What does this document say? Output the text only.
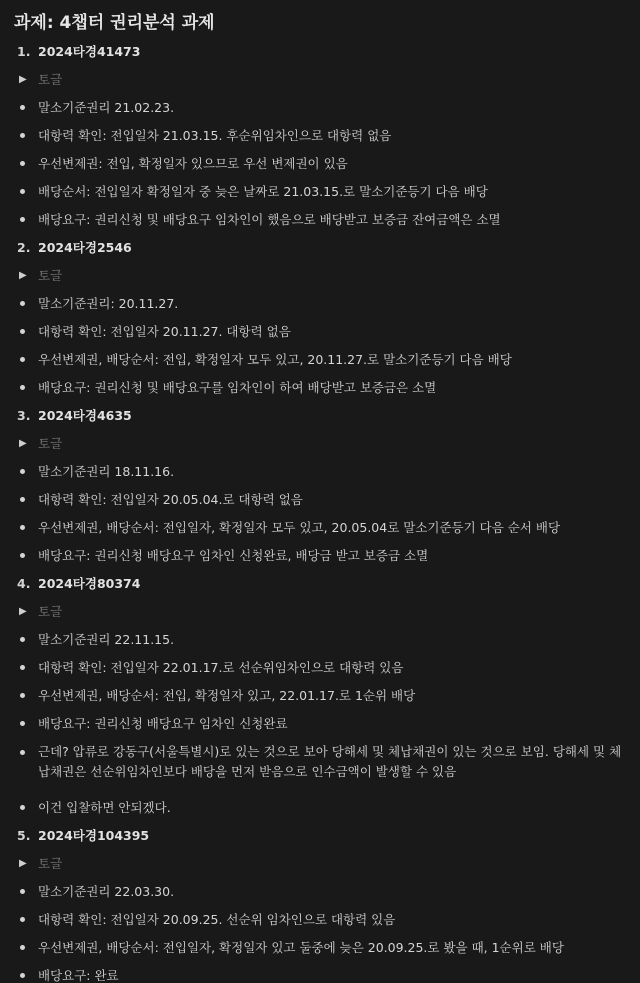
과제: 4챕터 권리분석 과제
1. 2024타경41473
▶ 토글
말소기준권리 21.02.23.
대항력 확인: 전입일차 21.03.15. 후순위임차인으로 대항력 없음
우선변제권: 전입, 확정일자 있으므로 우선 변제권이 있음
배당순서: 전입일자 확정일자 중 늦은 날짜로 21.03.15.로 말소기준등기 다음 배당
배당요구: 권리신청 및 배당요구 임차인이 했음으로 배당받고 보증금 잔여금액은 소멸
2. 2024타경2546
▶ 토글
말소기준권리: 20.11.27.
대항력 확인: 전입일자 20.11.27. 대항력 없음
우선변제권, 배당순서: 전입, 확정일자 모두 있고, 20.11.27.로 말소기준등기 다음 배당
배당요구: 권리신청 및 배당요구를 임차인이 하여 배당받고 보증금은 소멸
3. 2024타경4635
▶ 토글
말소기준권리 18.11.16.
대항력 확인: 전입일자 20.05.04.로 대항력 없음
우선변제권, 배당순서: 전입일자, 확정일자 모두 있고, 20.05.04로 말소기준등기 다음 순서 배당
배당요구: 권리신청 배당요구 임차인 신청완료, 배당금 받고 보증금 소멸
4. 2024타경80374
▶ 토글
말소기준권리 22.11.15.
대항력 확인: 전입일자 22.01.17.로 선순위임차인으로 대항력 있음
우선변제권, 배당순서: 전입, 확정일자 있고, 22.01.17.로 1순위 배당
배당요구: 권리신청 배당요구 임차인 신청완료
근데? 압류로 강동구(서울특별시)로 있는 것으로 보아 당해세 및 체납채권이 있는 것으로 보임. 당해세 및 체납채권은 선순위임차인보다 배당을 먼저 받음으로 인수금액이 발생할 수 있음
이건 입찰하면 안되겠다.
5. 2024타경104395
▶ 토글
말소기준권리 22.03.30.
대항력 확인: 전입일자 20.09.25. 선순위 임차인으로 대항력 있음
우선변제권, 배당순서: 전입일자, 확정일자 있고 둘중에 늦은 20.09.25.로 봤을 때, 1순위로 배당
배당요구: 완료
